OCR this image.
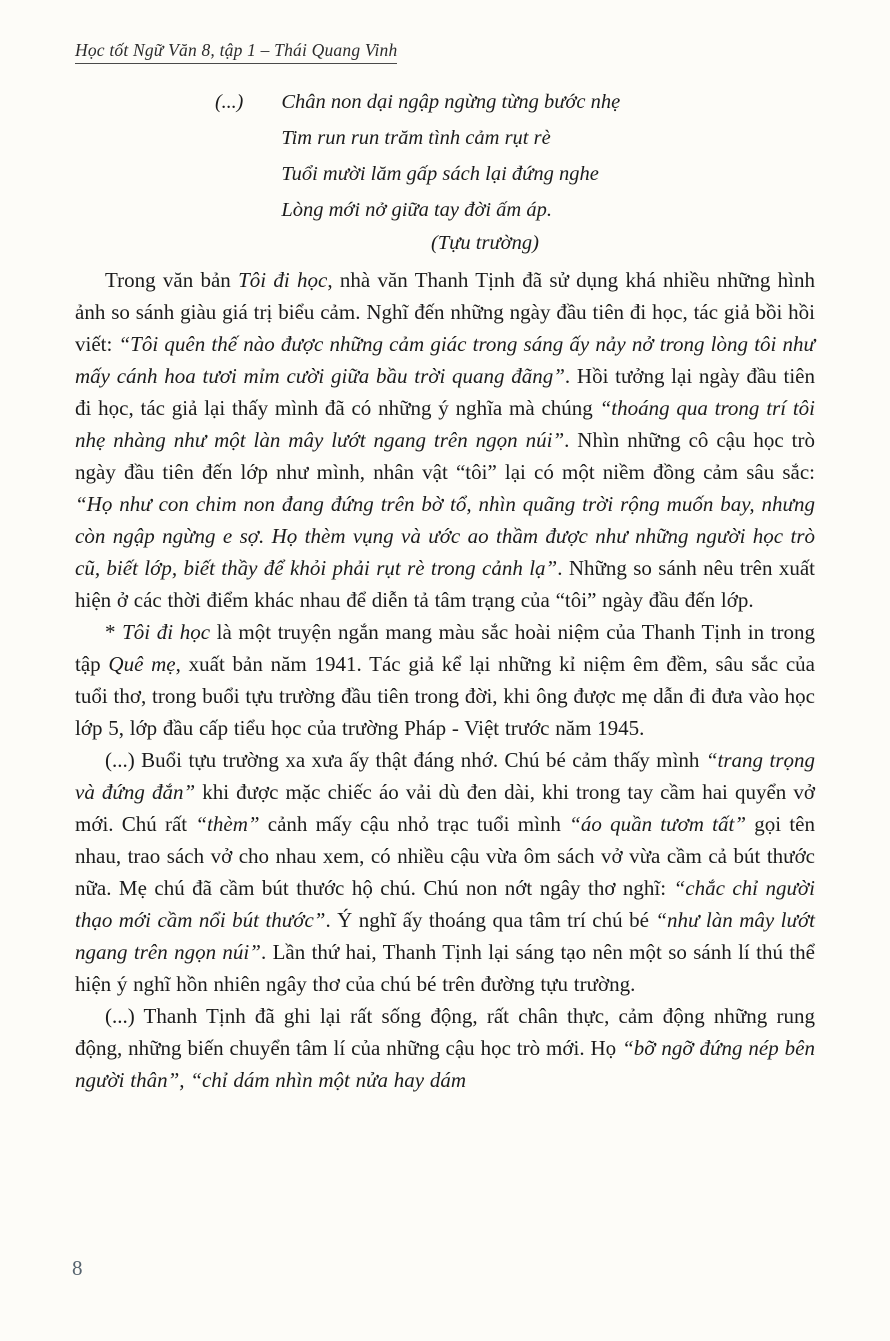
Học tốt Ngữ Văn 8, tập 1 – Thái Quang Vinh
(...) Chân non dại ngập ngừng từng bước nhẹ
Tim run run trăm tình cảm rụt rè
Tuổi mười lăm gấp sách lại đứng nghe
Lòng mới nở giữa tay đời ấm áp.
(Tựu trường)

Trong văn bản Tôi đi học, nhà văn Thanh Tịnh đã sử dụng khá nhiều những hình ảnh so sánh giàu giá trị biểu cảm. Nghĩ đến những ngày đầu tiên đi học, tác giả bồi hồi viết: “Tôi quên thế nào được những cảm giác trong sáng ấy nảy nở trong lòng tôi như mấy cánh hoa tươi mỉm cười giữa bầu trời quang đãng”. Hồi tưởng lại ngày đầu tiên đi học, tác giả lại thấy mình đã có những ý nghĩa mà chúng “thoáng qua trong trí tôi nhẹ nhàng như một làn mây lướt ngang trên ngọn núi”. Nhìn những cô cậu học trò ngày đầu tiên đến lớp như mình, nhân vật “tôi” lại có một niềm đồng cảm sâu sắc: “Họ như con chim non đang đứng trên bờ tổ, nhìn quãng trời rộng muốn bay, nhưng còn ngập ngừng e sợ. Họ thèm vụng và ước ao thầm được như những người học trò cũ, biết lớp, biết thầy để khỏi phải rụt rè trong cảnh lạ”. Những so sánh nêu trên xuất hiện ở các thời điểm khác nhau để diễn tả tâm trạng của “tôi” ngày đầu đến lớp.

* Tôi đi học là một truyện ngắn mang màu sắc hoài niệm của Thanh Tịnh in trong tập Quê mẹ, xuất bản năm 1941. Tác giả kể lại những kỉ niệm êm đềm, sâu sắc của tuổi thơ, trong buổi tựu trường đầu tiên trong đời, khi ông được mẹ dẫn đi đưa vào học lớp 5, lớp đầu cấp tiểu học của trường Pháp - Việt trước năm 1945.

(...) Buổi tựu trường xa xưa ấy thật đáng nhớ. Chú bé cảm thấy mình “trang trọng và đứng đắn” khi được mặc chiếc áo vải dù đen dài, khi trong tay cầm hai quyển vở mới. Chú rất “thèm” cảnh mấy cậu nhỏ trạc tuổi mình “áo quần tươm tất” gọi tên nhau, trao sách vở cho nhau xem, có nhiều cậu vừa ôm sách vở vừa cầm cả bút thước nữa. Mẹ chú đã cầm bút thước hộ chú. Chú non nớt ngây thơ nghĩ: “chắc chỉ người thạo mới cầm nổi bút thước”. Ý nghĩ ấy thoáng qua tâm trí chú bé “như làn mây lướt ngang trên ngọn núi”. Lần thứ hai, Thanh Tịnh lại sáng tạo nên một so sánh lí thú thể hiện ý nghĩ hồn nhiên ngây thơ của chú bé trên đường tựu trường.

(...) Thanh Tịnh đã ghi lại rất sống động, rất chân thực, cảm động những rung động, những biến chuyển tâm lí của những cậu học trò mới. Họ “bỡ ngỡ đứng nép bên người thân”, “chỉ dám nhìn một nửa hay dám

8
